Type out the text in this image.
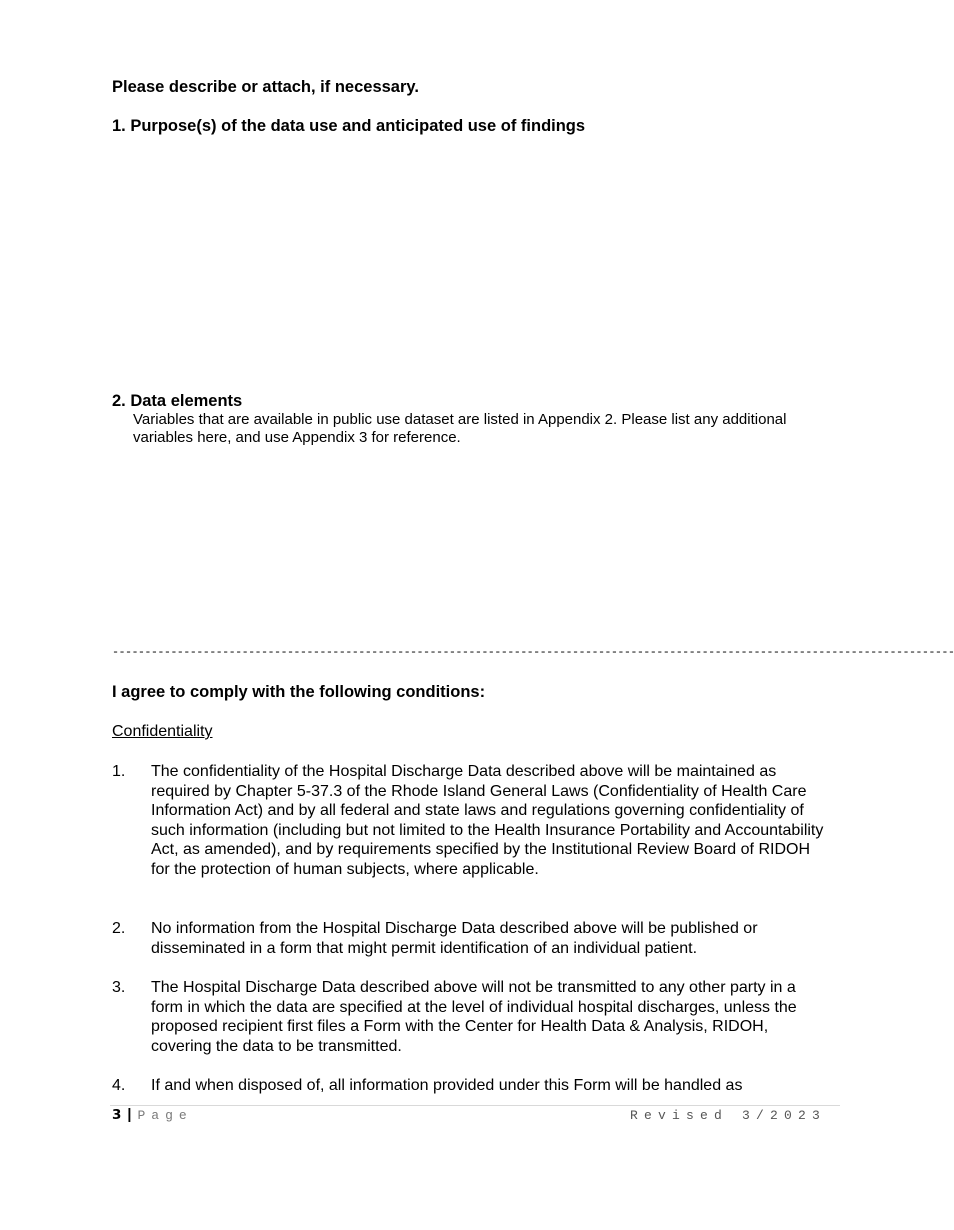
Please describe or attach, if necessary.
1. Purpose(s) of the data use and anticipated use of findings
2. Data elements
Variables that are available in public use dataset are listed in Appendix 2. Please list any additional variables here, and use Appendix 3 for reference.
----------------------------------------------------------------------------------------------------------------------------------
I agree to comply with the following conditions:
Confidentiality
1. The confidentiality of the Hospital Discharge Data described above will be maintained as required by Chapter 5-37.3 of the Rhode Island General Laws (Confidentiality of Health Care Information Act) and by all federal and state laws and regulations governing confidentiality of such information (including but not limited to the Health Insurance Portability and Accountability Act, as amended), and by requirements specified by the Institutional Review Board of RIDOH for the protection of human subjects, where applicable.
2. No information from the Hospital Discharge Data described above will be published or disseminated in a form that might permit identification of an individual patient.
3. The Hospital Discharge Data described above will not be transmitted to any other party in a form in which the data are specified at the level of individual hospital discharges, unless the proposed recipient first files a Form with the Center for Health Data & Analysis, RIDOH, covering the data to be transmitted.
4. If and when disposed of, all information provided under this Form will be handled as
3 | Page	Revised 3/2023
